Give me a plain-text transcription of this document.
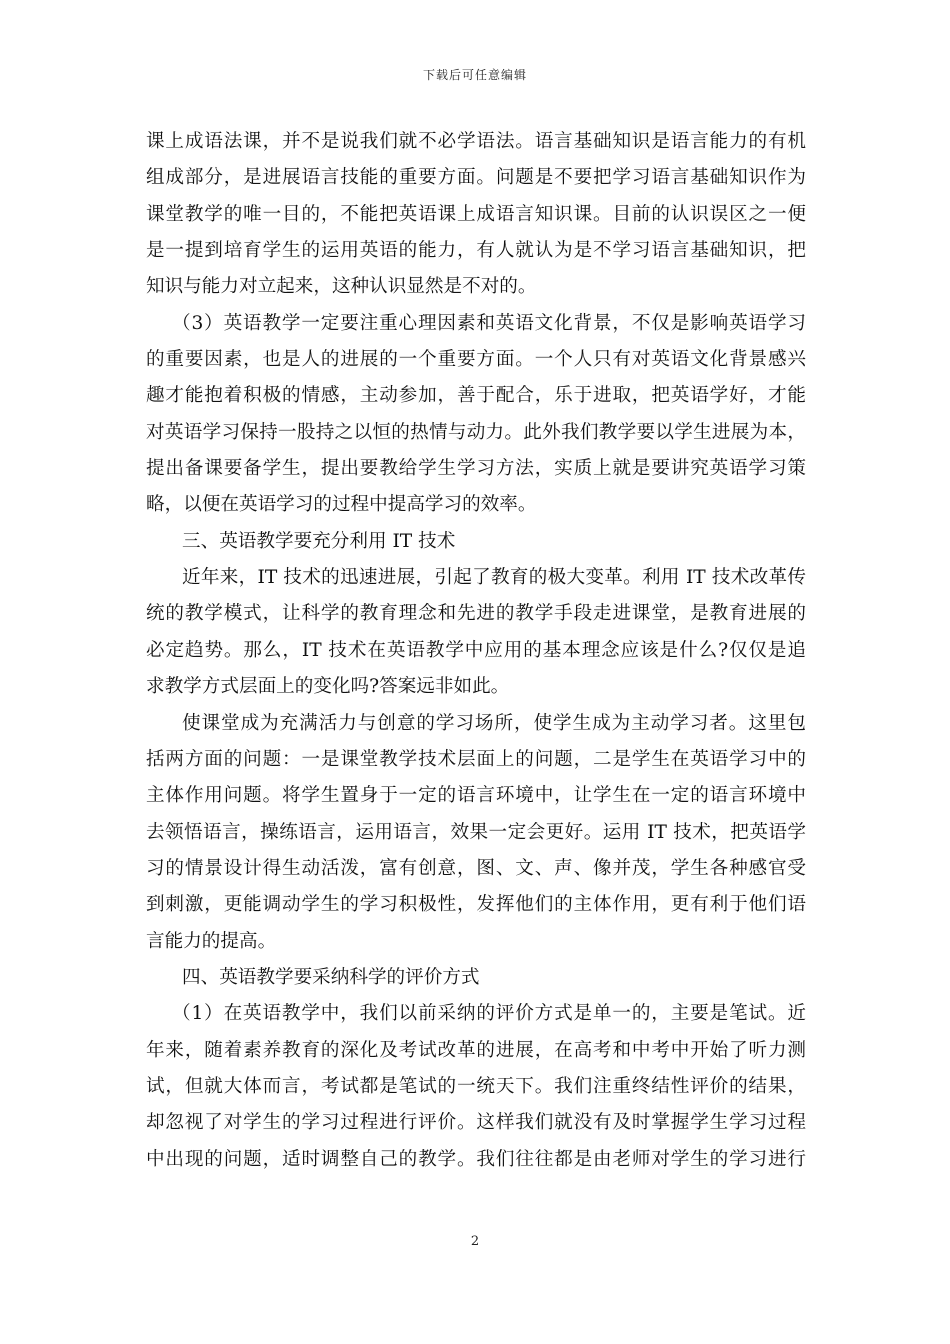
下载后可任意编辑
课上成语法课，并不是说我们就不必学语法。语言基础知识是语言能力的有机
组成部分，是进展语言技能的重要方面。问题是不要把学习语言基础知识作为
课堂教学的唯一目的，不能把英语课上成语言知识课。目前的认识误区之一便
是一提到培育学生的运用英语的能力，有人就认为是不学习语言基础知识，把
知识与能力对立起来，这种认识显然是不对的。
（3）英语教学一定要注重心理因素和英语文化背景，不仅是影响英语学习
的重要因素，也是人的进展的一个重要方面。一个人只有对英语文化背景感兴
趣才能抱着积极的情感，主动参加，善于配合，乐于进取，把英语学好，才能
对英语学习保持一股持之以恒的热情与动力。此外我们教学要以学生进展为本，
提出备课要备学生，提出要教给学生学习方法，实质上就是要讲究英语学习策
略，以便在英语学习的过程中提高学习的效率。
三、英语教学要充分利用 IT 技术
近年来，IT 技术的迅速进展，引起了教育的极大变革。利用 IT 技术改革传
统的教学模式，让科学的教育理念和先进的教学手段走进课堂，是教育进展的
必定趋势。那么，IT 技术在英语教学中应用的基本理念应该是什么?仅仅是追
求教学方式层面上的变化吗?答案远非如此。
使课堂成为充满活力与创意的学习场所，使学生成为主动学习者。这里包
括两方面的问题：一是课堂教学技术层面上的问题，二是学生在英语学习中的
主体作用问题。将学生置身于一定的语言环境中，让学生在一定的语言环境中
去领悟语言，操练语言，运用语言，效果一定会更好。运用 IT 技术，把英语学
习的情景设计得生动活泼，富有创意，图、文、声、像并茂，学生各种感官受
到刺激，更能调动学生的学习积极性，发挥他们的主体作用，更有利于他们语
言能力的提高。
四、英语教学要采纳科学的评价方式
（1）在英语教学中，我们以前采纳的评价方式是单一的，主要是笔试。近
年来，随着素养教育的深化及考试改革的进展，在高考和中考中开始了听力测
试，但就大体而言，考试都是笔试的一统天下。我们注重终结性评价的结果，
却忽视了对学生的学习过程进行评价。这样我们就没有及时掌握学生学习过程
中出现的问题，适时调整自己的教学。我们往往都是由老师对学生的学习进行
2
